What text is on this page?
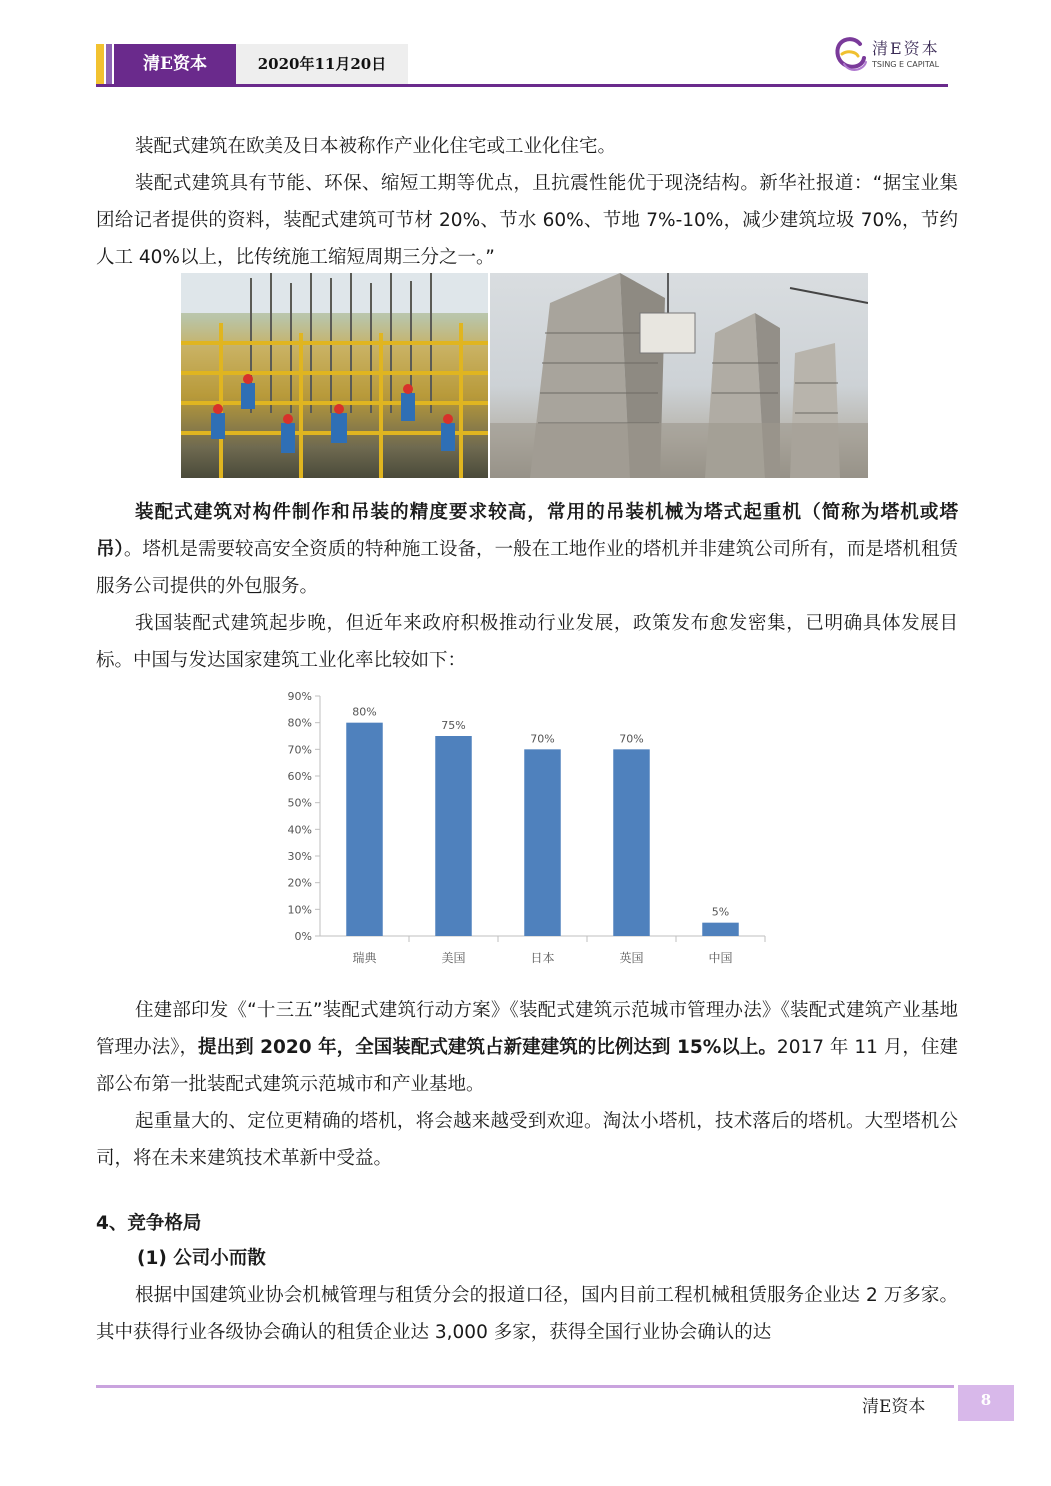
清E资本	2020年11月20日
清E资本
TSING E CAPITAL

装配式建筑在欧美及日本被称作产业化住宅或工业化住宅。

装配式建筑具有节能、环保、缩短工期等优点，且抗震性能优于现浇结构。新华社报道：“据宝业集团给记者提供的资料，装配式建筑可节材 20%、节水 60%、节地 7%-10%，减少建筑垃圾 70%，节约人工 40%以上，比传统施工缩短周期三分之一。”

装配式建筑对构件制作和吊装的精度要求较高，常用的吊装机械为塔式起重机（简称为塔机或塔吊）。塔机是需要较高安全资质的特种施工设备，一般在工地作业的塔机并非建筑公司所有，而是塔机租赁服务公司提供的外包服务。

我国装配式建筑起步晚，但近年来政府积极推动行业发展，政策发布愈发密集，已明确具体发展目标。中国与发达国家建筑工业化率比较如下：

0%
10%
20%
30%
40%
50%
60%
70%
80%
90%
80%
瑞典
75%
美国
70%
日本
70%
英国
5%
中国

住建部印发《“十三五”装配式建筑行动方案》《装配式建筑示范城市管理办法》《装配式建筑产业基地管理办法》，提出到 2020 年，全国装配式建筑占新建建筑的比例达到 15%以上。2017 年 11 月，住建部公布第一批装配式建筑示范城市和产业基地。

起重量大的、定位更精确的塔机，将会越来越受到欢迎。淘汰小塔机，技术落后的塔机。大型塔机公司，将在未来建筑技术革新中受益。

4、竞争格局
(1) 公司小而散

根据中国建筑业协会机械管理与租赁分会的报道口径，国内目前工程机械租赁服务企业达 2 万多家。其中获得行业各级协会确认的租赁企业达 3,000 多家，获得全国行业协会确认的达

清E资本	8
